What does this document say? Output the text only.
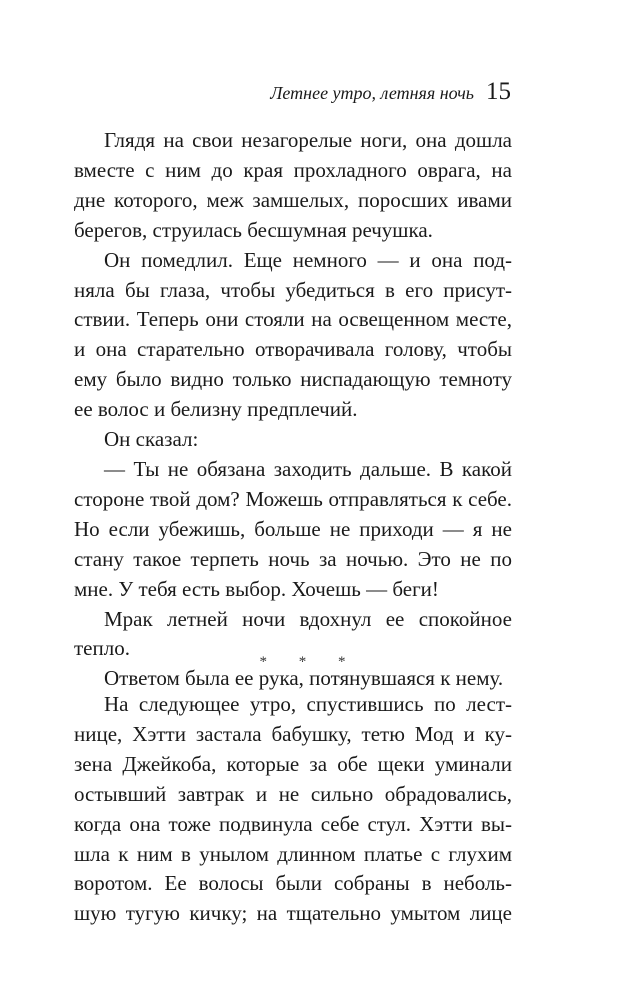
Летнее утро, летняя ночь 15

Глядя на свои незагорелые ноги, она дошла
вместе с ним до края прохладного оврага, на
дне которого, меж замшелых, поросших ивами
берегов, струилась бесшумная речушка.

Он помедлил. Еще немного — и она под-
няла бы глаза, чтобы убедиться в его присут-
ствии. Теперь они стояли на освещенном месте,
и она старательно отворачивала голову, чтобы
ему было видно только ниспадающую темноту
ее волос и белизну предплечий.

Он сказал:

— Ты не обязана заходить дальше. В какой
стороне твой дом? Можешь отправляться к себе.
Но если убежишь, больше не приходи — я не
стану такое терпеть ночь за ночью. Это не по
мне. У тебя есть выбор. Хочешь — беги!

Мрак летней ночи вдохнул ее спокойное
тепло.

Ответом была ее рука, потянувшаяся к нему.

* * *

На следующее утро, спустившись по лест-
нице, Хэтти застала бабушку, тетю Мод и ку-
зена Джейкоба, которые за обе щеки уминали
остывший завтрак и не сильно обрадовались,
когда она тоже подвинула себе стул. Хэтти вы-
шла к ним в унылом длинном платье с глухим
воротом. Ее волосы были собраны в неболь-
шую тугую кичку; на тщательно умытом лице
